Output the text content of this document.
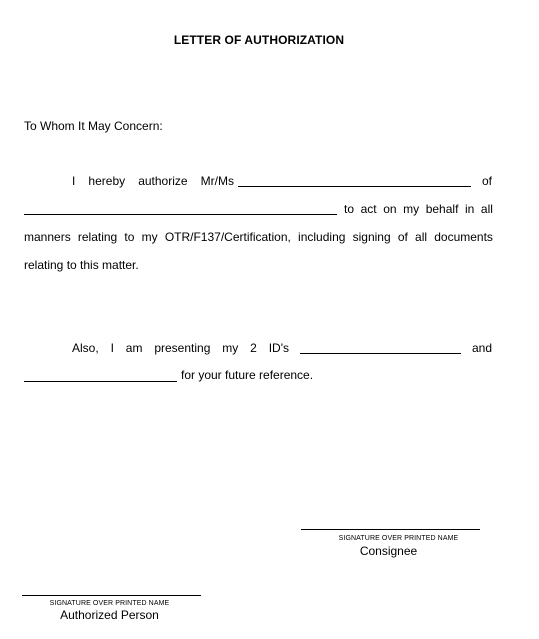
LETTER OF AUTHORIZATION
To Whom It May Concern:
I hereby authorize Mr/Ms	of
to act on my behalf in all
manners relating to my OTR/F137/Certification, including signing of all documents
relating to this matter.
Also, I am presenting my 2 ID's	and
for your future reference.
SIGNATURE OVER PRINTED NAME
Consignee
SIGNATURE OVER PRINTED NAME
Authorized Person
